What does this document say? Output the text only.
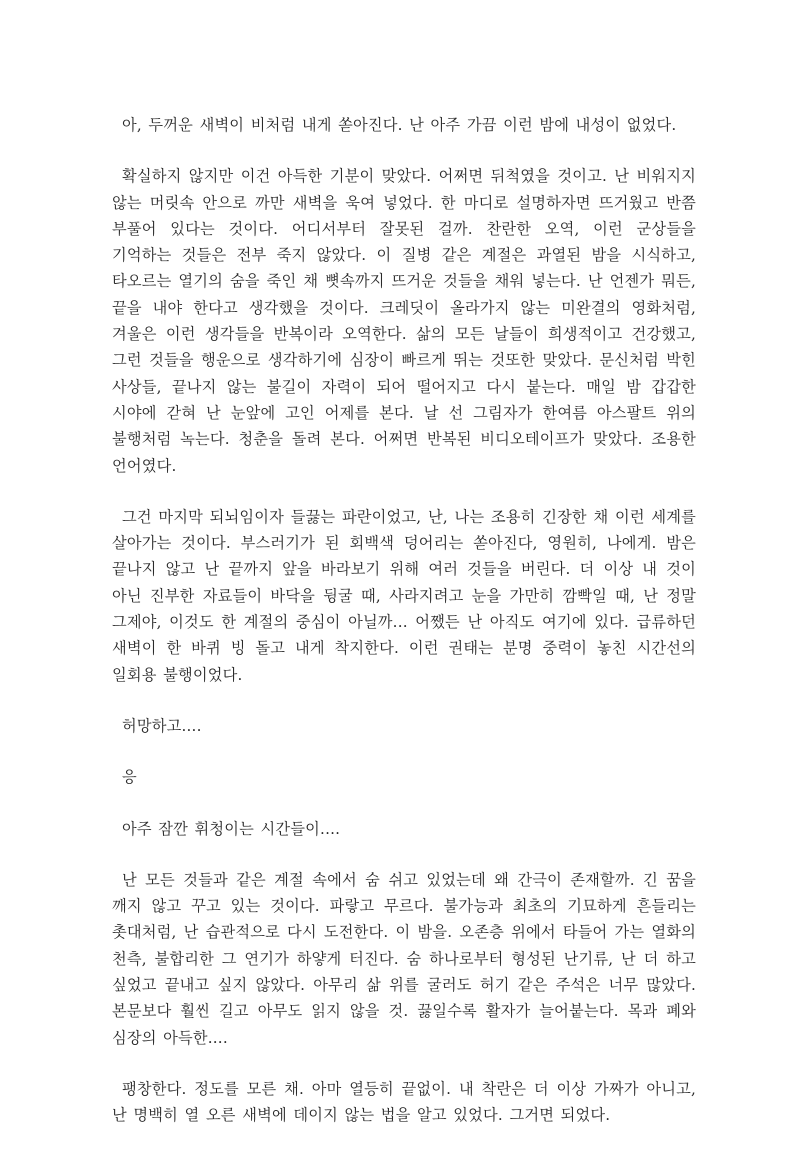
아, 두꺼운 새벽이 비처럼 내게 쏟아진다. 난 아주 가끔 이런 밤에 내성이 없었다.

확실하지 않지만 이건 아득한 기분이 맞았다. 어쩌면 뒤척였을 것이고. 난 비워지지 않는 머릿속 안으로 까만 새벽을 욱여 넣었다. 한 마디로 설명하자면 뜨거웠고 반쯤 부풀어 있다는 것이다. 어디서부터 잘못된 걸까. 찬란한 오역, 이런 군상들을 기억하는 것들은 전부 죽지 않았다. 이 질병 같은 계절은 과열된 밤을 시식하고, 타오르는 열기의 숨을 죽인 채 뼛속까지 뜨거운 것들을 채워 넣는다. 난 언젠가 뭐든, 끝을 내야 한다고 생각했을 것이다. 크레딧이 올라가지 않는 미완결의 영화처럼, 겨울은 이런 생각들을 반복이라 오역한다. 삶의 모든 날들이 희생적이고 건강했고, 그런 것들을 행운으로 생각하기에 심장이 빠르게 뛰는 것또한 맞았다. 문신처럼 박힌 사상들, 끝나지 않는 불길이 자력이 되어 떨어지고 다시 붙는다. 매일 밤 갑갑한 시야에 갇혀 난 눈앞에 고인 어제를 본다. 날 선 그림자가 한여름 아스팔트 위의 불행처럼 녹는다. 청춘을 돌려 본다. 어쩌면 반복된 비디오테이프가 맞았다. 조용한 언어였다.

그건 마지막 되뇌임이자 들끓는 파란이었고, 난, 나는 조용히 긴장한 채 이런 세계를 살아가는 것이다. 부스러기가 된 회백색 덩어리는 쏟아진다, 영원히, 나에게. 밤은 끝나지 않고 난 끝까지 앞을 바라보기 위해 여러 것들을 버린다. 더 이상 내 것이 아닌 진부한 자료들이 바닥을 뒹굴 때, 사라지려고 눈을 가만히 깜빡일 때, 난 정말 그제야, 이것도 한 계절의 중심이 아닐까... 어쨌든 난 아직도 여기에 있다. 급류하던 새벽이 한 바퀴 빙 돌고 내게 착지한다. 이런 권태는 분명 중력이 놓친 시간선의 일회용 불행이었다.

허망하고....

응

아주 잠깐 휘청이는 시간들이....

난 모든 것들과 같은 계절 속에서 숨 쉬고 있었는데 왜 간극이 존재할까. 긴 꿈을 깨지 않고 꾸고 있는 것이다. 파랗고 무르다. 불가능과 최초의 기묘하게 흔들리는 촛대처럼, 난 습관적으로 다시 도전한다. 이 밤을. 오존층 위에서 타들어 가는 열화의 천측, 불합리한 그 연기가 하얗게 터진다. 숨 하나로부터 형성된 난기류, 난 더 하고 싶었고 끝내고 싶지 않았다. 아무리 삶 위를 굴러도 허기 같은 주석은 너무 많았다. 본문보다 훨씬 길고 아무도 읽지 않을 것. 끓일수록 활자가 늘어붙는다. 목과 폐와 심장의 아득한....

팽창한다. 정도를 모른 채. 아마 열등히 끝없이. 내 착란은 더 이상 가짜가 아니고, 난 명백히 열 오른 새벽에 데이지 않는 법을 알고 있었다. 그거면 되었다.
